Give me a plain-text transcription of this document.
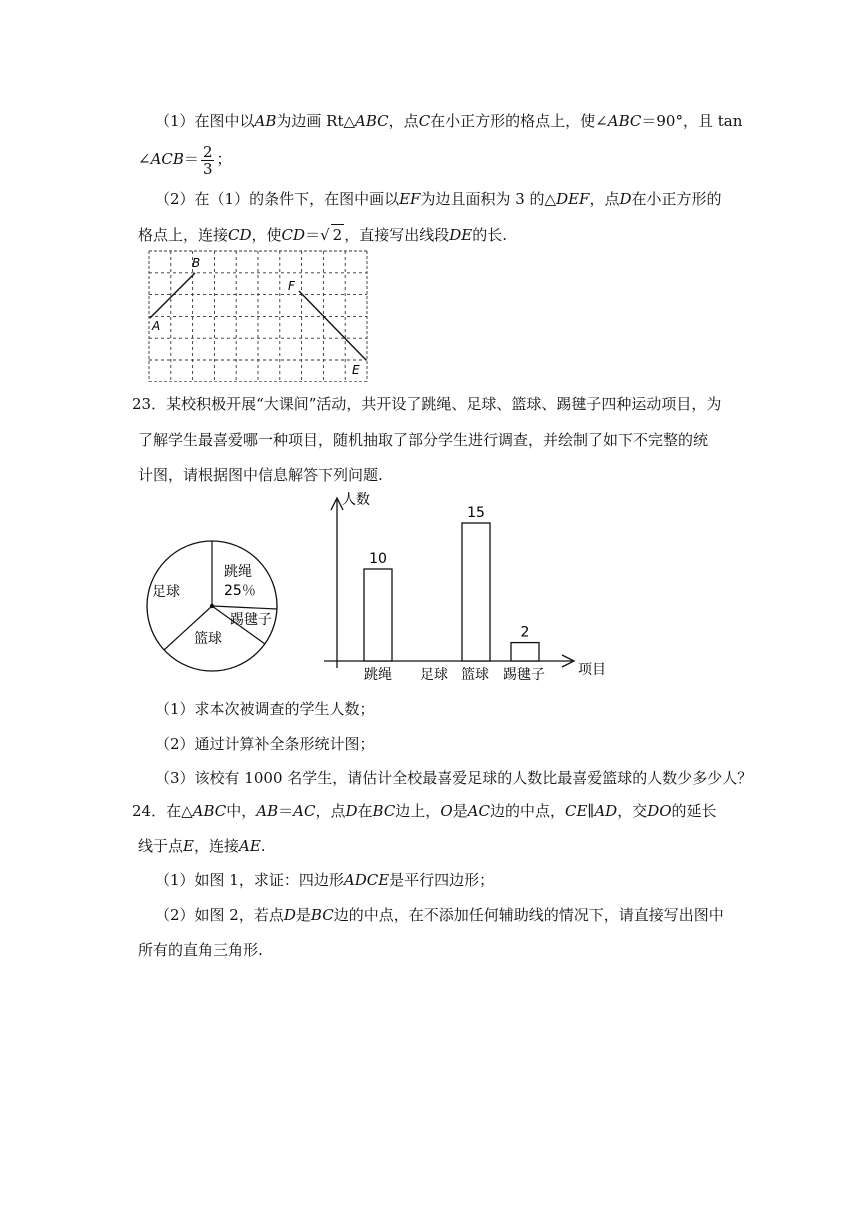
（1）在图中以AB为边画 Rt△ABC，点C在小正方形的格点上，使∠ABC＝90°，且 tan
∠ACB＝ $\frac{2}{3}$ ；
（2）在（1）的条件下，在图中画以EF为边且面积为 3 的△DEF，点D在小正方形的
格点上，连接CD，使CD＝√ 2 ，直接写出线段DE的长.
A
B
F
E
23．某校积极开展“大课间”活动，共开设了跳绳、足球、篮球、踢毽子四种运动项目，为
了解学生最喜爱哪一种项目，随机抽取了部分学生进行调查，并绘制了如下不完整的统
计图，请根据图中信息解答下列问题.
跳绳
25％
足球
踢毽子
篮球
人数
项目
10
跳绳 足球
15
篮球
2
踢毽子
（1）求本次被调查的学生人数；
（2）通过计算补全条形统计图；
（3）该校有 1000 名学生，请估计全校最喜爱足球的人数比最喜爱篮球的人数少多少人？
24．在△ABC中，AB＝AC，点D在BC边上，O是AC边的中点，CE∥AD，交DO的延长
线于点E，连接AE.
（1）如图 1，求证：四边形ADCE是平行四边形；
（2）如图 2，若点D是BC边的中点，在不添加任何辅助线的情况下，请直接写出图中
所有的直角三角形.
